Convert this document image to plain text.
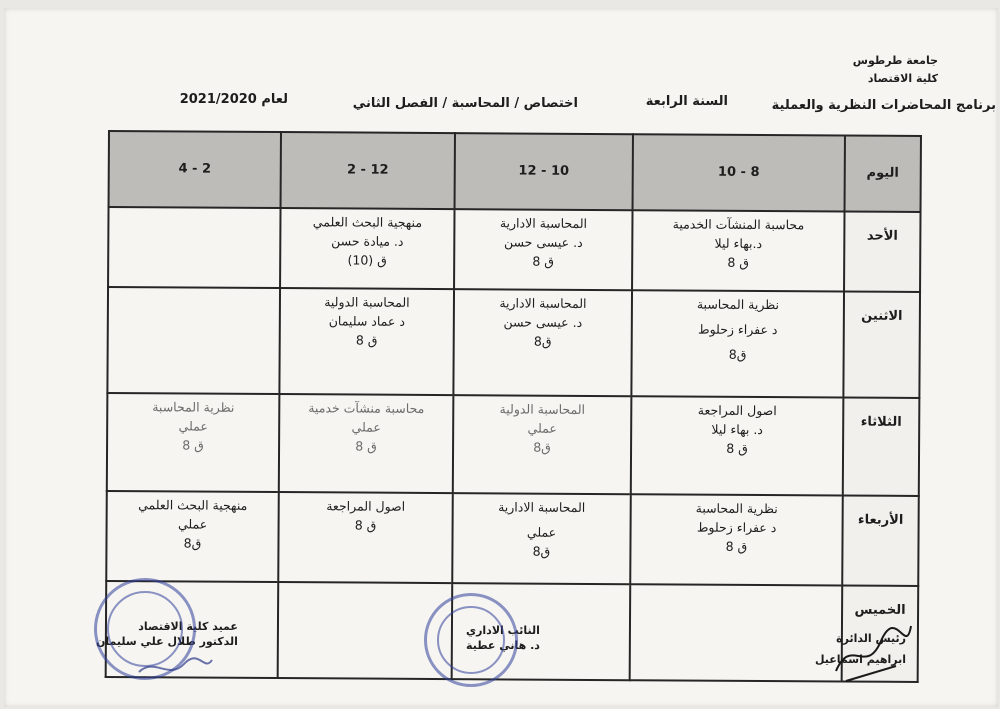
جامعة طرطوس
كلية الاقتصاد
برنامج المحاضرات النظرية والعملية
السنة الرابعة
اختصاص / المحاسبة /
الفصل الثاني
لعام 2021/2020
اليوم	8 - 10	10 - 12	12 - 2	2 - 4
الأحد	محاسبة المنشآت الخدمية
د.بهاء ليلا
ق 8	المحاسبة الادارية
د. عيسى حسن
ق 8	منهجية البحث العلمي
د. ميادة حسن
ق (10)	

الاثنين	نظرية المحاسبة
د عفراء زحلوط
ق8	المحاسبة الادارية
د. عيسى حسن
ق8	المحاسبة الدولية
د عماد سليمان
ق 8	

الثلاثاء	اصول المراجعة
د. بهاء ليلا
ق 8	المحاسبة الدولية
عملي
ق8	محاسبة منشآت خدمية
عملي
ق 8	نظرية المحاسبة
عملي
ق 8

الأربعاء	نظرية المحاسبة
د عفراء زحلوط
ق 8	المحاسبة الادارية
عملي
ق8	اصول المراجعة
ق 8	منهجية البحث العلمي
عملي
ق8

الخميس				
رئيس الدائرة
ابراهيم اسماعيل
النائب الاداري
د. هاني عطية
عميد كلية الاقتصاد
الدكتور طلال علي سليمان
